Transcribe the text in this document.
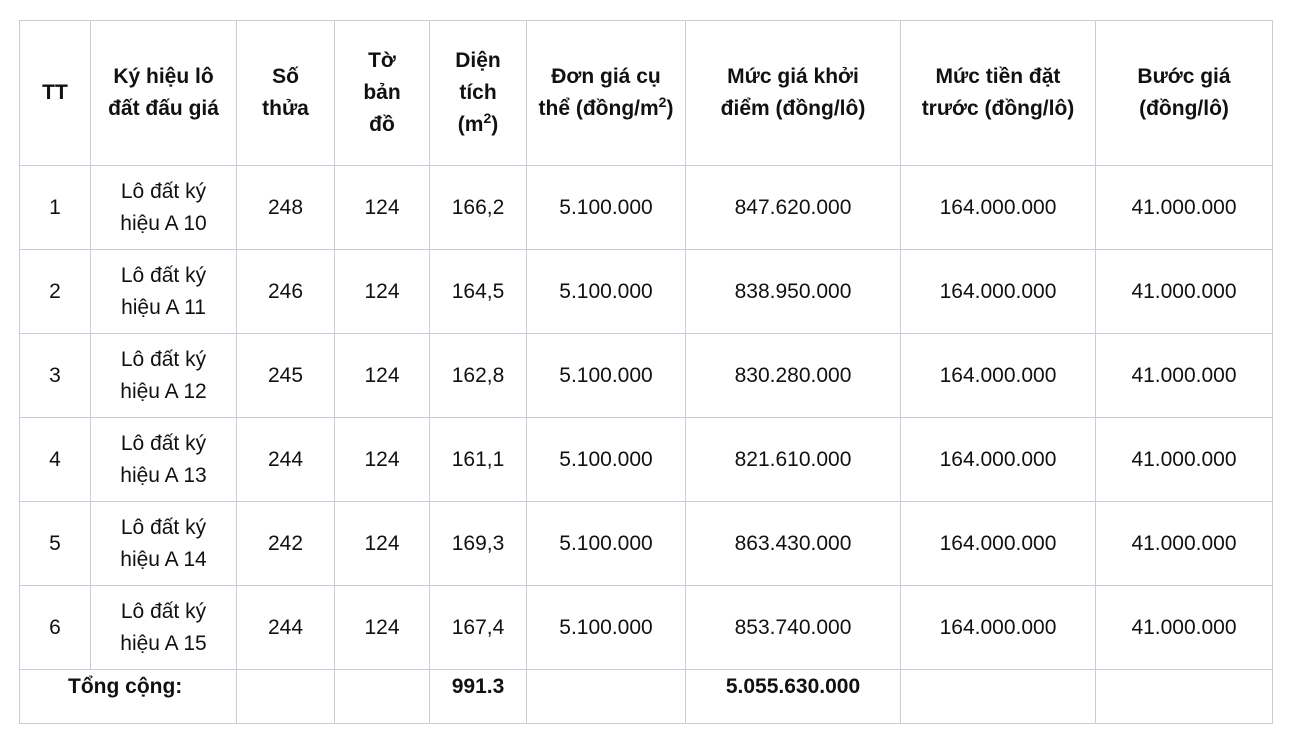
TT	Ký hiệu lô đất đấu giá	Số thửa	Tờ bản đồ	Diện tích $(m^2)$	Đơn giá cụ thể $(đồng/m^2)$	Mức giá khởi điểm (đồng/lô)	Mức tiền đặt trước (đồng/lô)	Bước giá (đồng/lô)
1	Lô đất ký hiệu A 10	248	124	166,2	5.100.000	847.620.000	164.000.000	41.000.000
2	Lô đất ký hiệu A 11	246	124	164,5	5.100.000	838.950.000	164.000.000	41.000.000
3	Lô đất ký hiệu A 12	245	124	162,8	5.100.000	830.280.000	164.000.000	41.000.000
4	Lô đất ký hiệu A 13	244	124	161,1	5.100.000	821.610.000	164.000.000	41.000.000
5	Lô đất ký hiệu A 14	242	124	169,3	5.100.000	863.430.000	164.000.000	41.000.000
6	Lô đất ký hiệu A 15	244	124	167,4	5.100.000	853.740.000	164.000.000	41.000.000
Tổng cộng:				991.3		5.055.630.000		
